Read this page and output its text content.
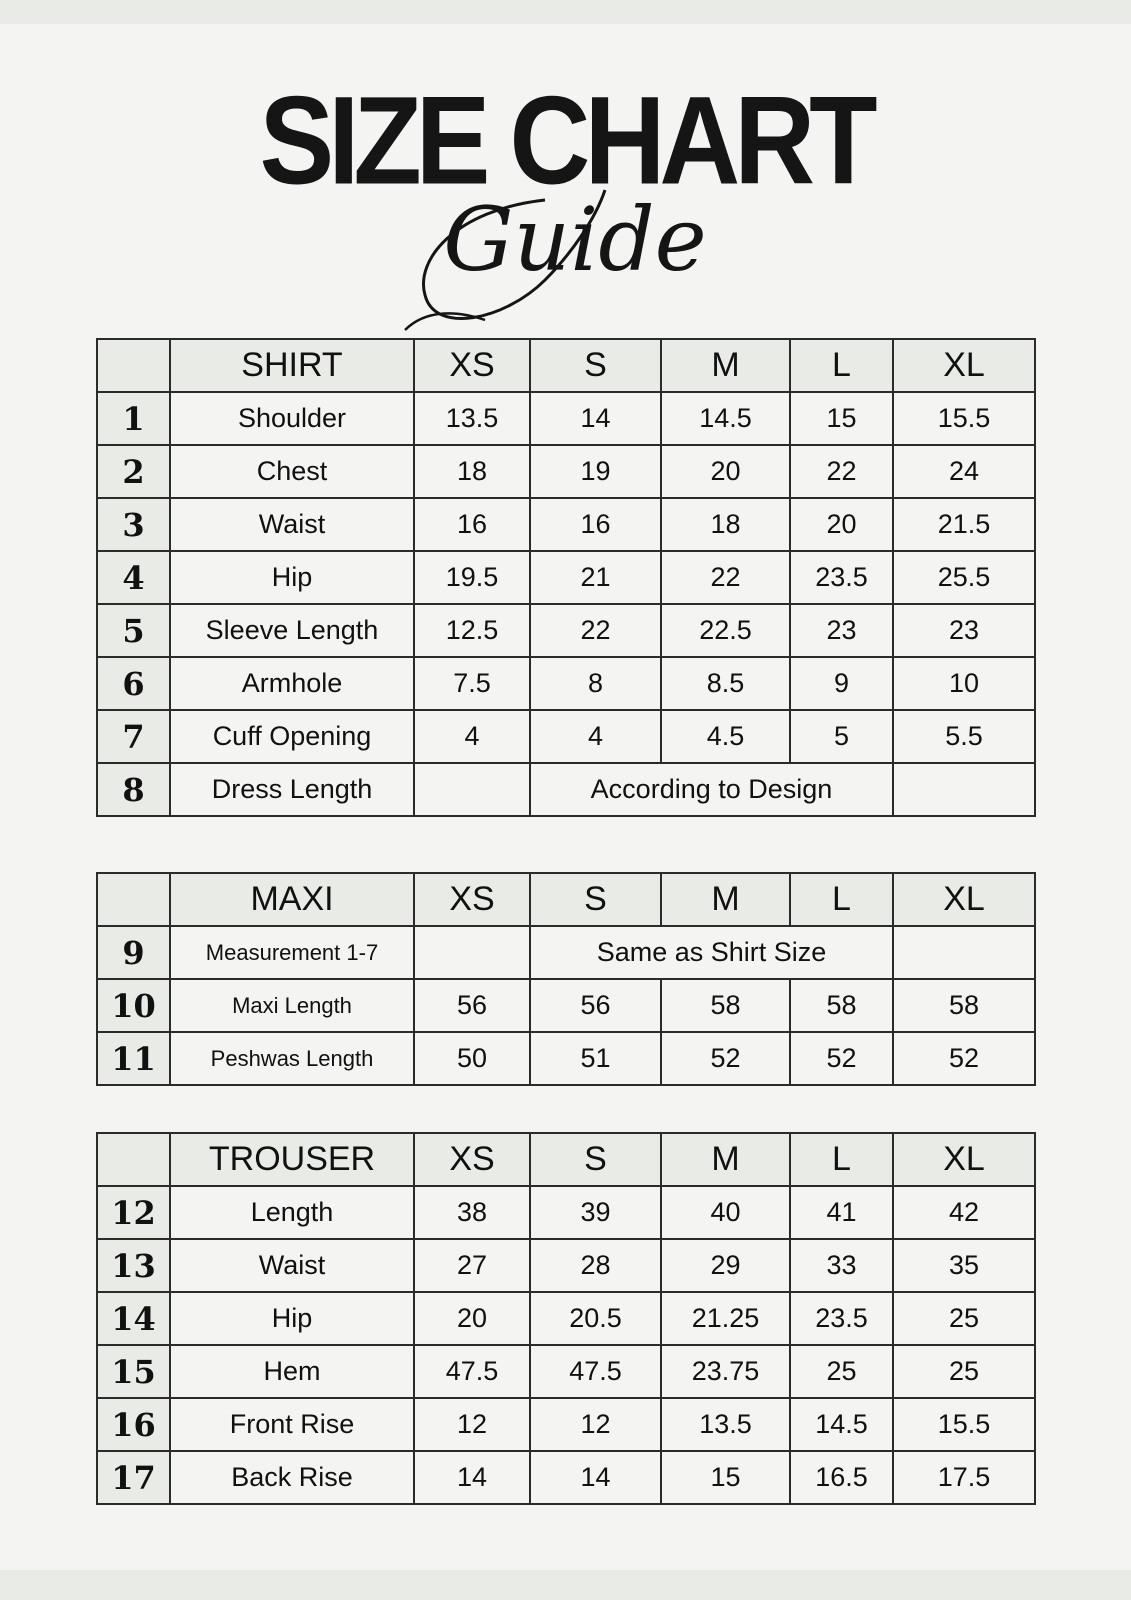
SIZE CHART
Guide
	SHIRT	XS	S	M	L	XL
1	Shoulder	13.5	14	14.5	15	15.5
2	Chest	18	19	20	22	24
3	Waist	16	16	18	20	21.5
4	Hip	19.5	21	22	23.5	25.5
5	Sleeve Length	12.5	22	22.5	23	23
6	Armhole	7.5	8	8.5	9	10
7	Cuff Opening	4	4	4.5	5	5.5
8	Dress Length		According to Design			
	MAXI	XS	S	M	L	XL
9	Measurement 1-7		Same as Shirt Size			
10	Maxi Length	56	56	58	58	58
11	Peshwas Length	50	51	52	52	52
	TROUSER	XS	S	M	L	XL
12	Length	38	39	40	41	42
13	Waist	27	28	29	33	35
14	Hip	20	20.5	21.25	23.5	25
15	Hem	47.5	47.5	23.75	25	25
16	Front Rise	12	12	13.5	14.5	15.5
17	Back Rise	14	14	15	16.5	17.5
